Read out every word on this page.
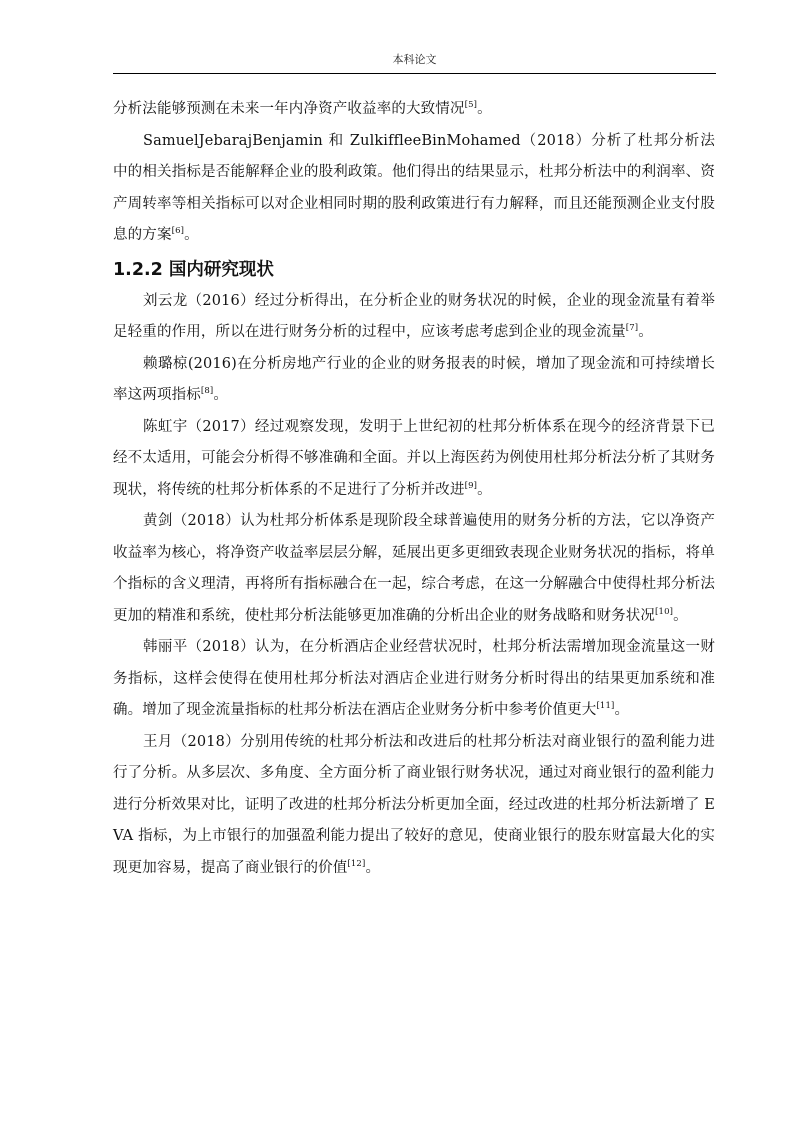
本科论文

分析法能够预测在未来一年内净资产收益率的大致情况[5]。

SamuelJebarajBenjamin 和 ZulkiffleeBinMohamed（2018）分析了杜邦分析法中的相关指标是否能解释企业的股利政策。他们得出的结果显示，杜邦分析法中的利润率、资产周转率等相关指标可以对企业相同时期的股利政策进行有力解释，而且还能预测企业支付股息的方案[6]。

1.2.2 国内研究现状

刘云龙（2016）经过分析得出，在分析企业的财务状况的时候，企业的现金流量有着举足轻重的作用，所以在进行财务分析的过程中，应该考虑考虑到企业的现金流量[7]。

赖璐椋(2016)在分析房地产行业的企业的财务报表的时候，增加了现金流和可持续增长率这两项指标[8]。

陈虹宇（2017）经过观察发现，发明于上世纪初的杜邦分析体系在现今的经济背景下已经不太适用，可能会分析得不够准确和全面。并以上海医药为例使用杜邦分析法分析了其财务现状，将传统的杜邦分析体系的不足进行了分析并改进[9]。

黄剑（2018）认为杜邦分析体系是现阶段全球普遍使用的财务分析的方法，它以净资产收益率为核心，将净资产收益率层层分解，延展出更多更细致表现企业财务状况的指标，将单个指标的含义理清，再将所有指标融合在一起，综合考虑，在这一分解融合中使得杜邦分析法更加的精准和系统，使杜邦分析法能够更加准确的分析出企业的财务战略和财务状况[10]。

韩丽平（2018）认为，在分析酒店企业经营状况时，杜邦分析法需增加现金流量这一财务指标，这样会使得在使用杜邦分析法对酒店企业进行财务分析时得出的结果更加系统和准确。增加了现金流量指标的杜邦分析法在酒店企业财务分析中参考价值更大[11]。

王月（2018）分别用传统的杜邦分析法和改进后的杜邦分析法对商业银行的盈利能力进行了分析。从多层次、多角度、全方面分析了商业银行财务状况，通过对商业银行的盈利能力进行分析效果对比，证明了改进的杜邦分析法分析更加全面，经过改进的杜邦分析法新增了 EVA 指标，为上市银行的加强盈利能力提出了较好的意见，使商业银行的股东财富最大化的实现更加容易，提高了商业银行的价值[12]。
